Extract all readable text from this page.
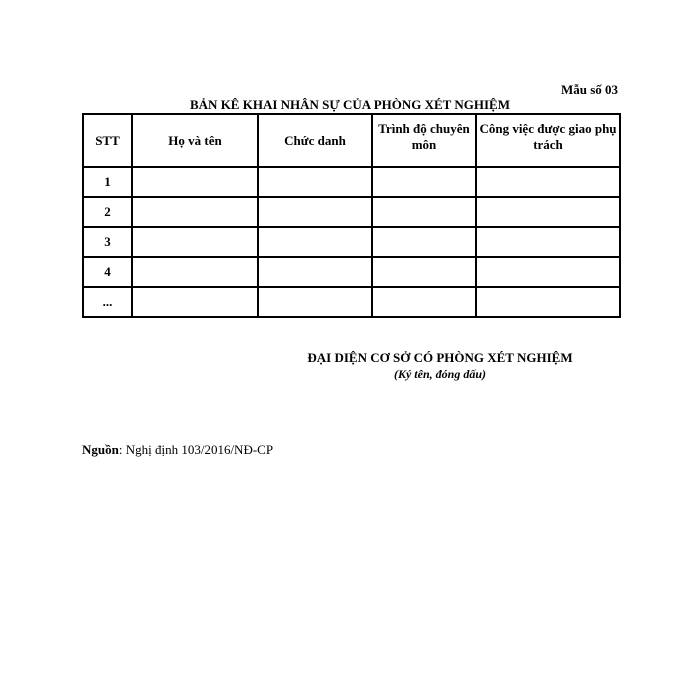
Mẫu số 03
BẢN KÊ KHAI NHÂN SỰ CỦA PHÒNG XÉT NGHIỆM
STT	Họ và tên	Chức danh	Trình độ chuyên môn	Công việc được giao phụ trách
1				
2				
3				
4				
...				
ĐẠI DIỆN CƠ SỞ CÓ PHÒNG XÉT NGHIỆM
(Ký tên, đóng dấu)
Nguồn: Nghị định 103/2016/NĐ-CP
